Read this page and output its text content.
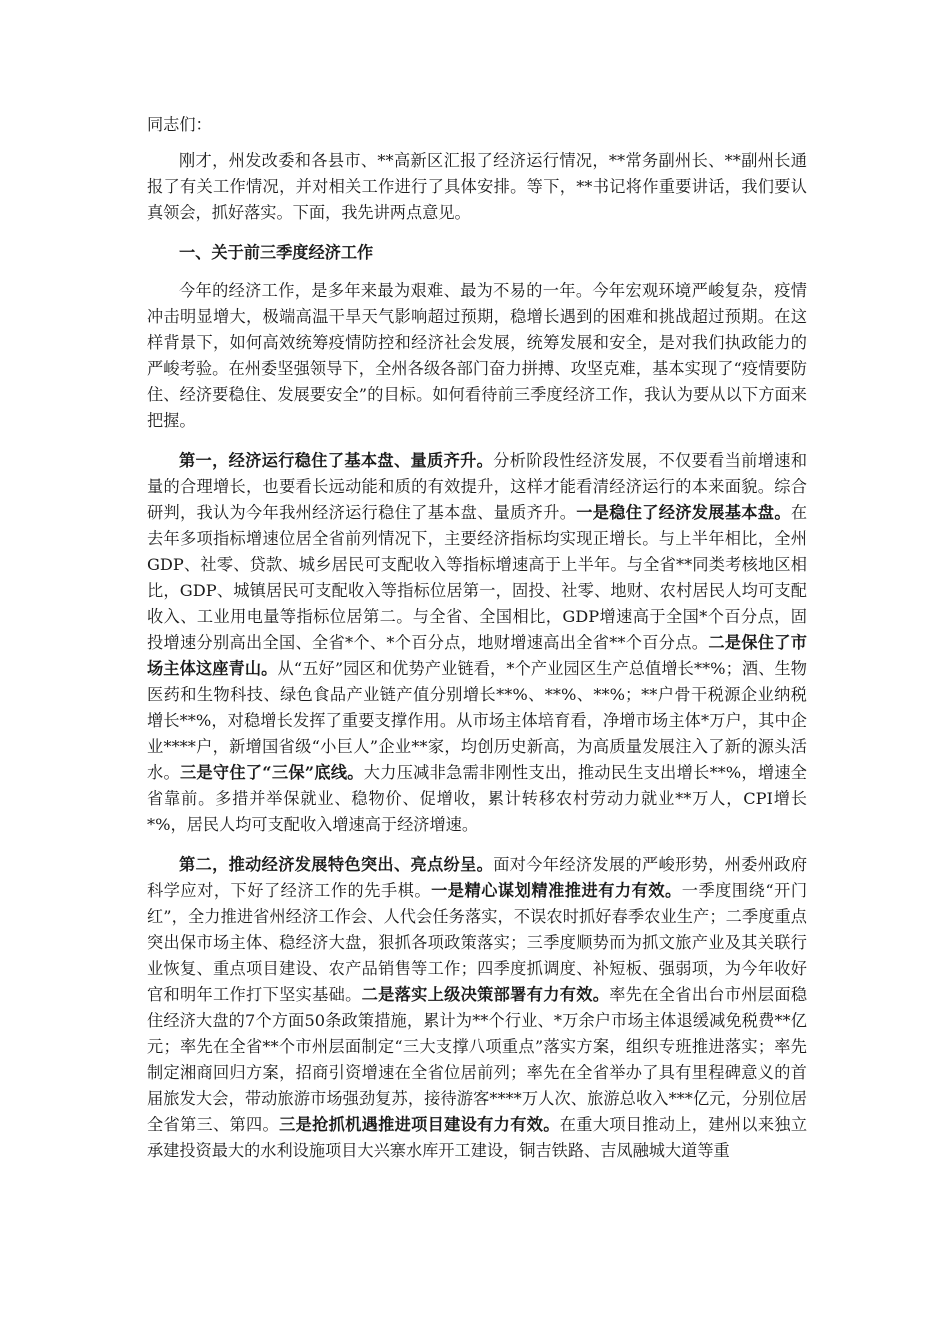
同志们：

刚才，州发改委和各县市、**高新区汇报了经济运行情况，**常务副州长、**副州长通报了有关工作情况，并对相关工作进行了具体安排。等下，**书记将作重要讲话，我们要认真领会，抓好落实。下面，我先讲两点意见。

一、关于前三季度经济工作

今年的经济工作，是多年来最为艰难、最为不易的一年。今年宏观环境严峻复杂，疫情冲击明显增大，极端高温干旱天气影响超过预期，稳增长遇到的困难和挑战超过预期。在这样背景下，如何高效统筹疫情防控和经济社会发展，统筹发展和安全，是对我们执政能力的严峻考验。在州委坚强领导下，全州各级各部门奋力拼搏、攻坚克难，基本实现了“疫情要防住、经济要稳住、发展要安全”的目标。如何看待前三季度经济工作，我认为要从以下方面来把握。

第一，经济运行稳住了基本盘、量质齐升。分析阶段性经济发展，不仅要看当前增速和量的合理增长，也要看长远动能和质的有效提升，这样才能看清经济运行的本来面貌。综合研判，我认为今年我州经济运行稳住了基本盘、量质齐升。一是稳住了经济发展基本盘。在去年多项指标增速位居全省前列情况下，主要经济指标均实现正增长。与上半年相比，全州GDP、社零、贷款、城乡居民可支配收入等指标增速高于上半年。与全省**同类考核地区相比，GDP、城镇居民可支配收入等指标位居第一，固投、社零、地财、农村居民人均可支配收入、工业用电量等指标位居第二。与全省、全国相比，GDP增速高于全国*个百分点，固投增速分别高出全国、全省*个、*个百分点，地财增速高出全省**个百分点。二是保住了市场主体这座青山。从“五好”园区和优势产业链看，*个产业园区生产总值增长**%；酒、生物医药和生物科技、绿色食品产业链产值分别增长**%、**%、**%；**户骨干税源企业纳税增长**%，对稳增长发挥了重要支撑作用。从市场主体培育看，净增市场主体*万户，其中企业****户，新增国省级“小巨人”企业**家，均创历史新高，为高质量发展注入了新的源头活水。三是守住了“三保”底线。大力压减非急需非刚性支出，推动民生支出增长**%，增速全省靠前。多措并举保就业、稳物价、促增收，累计转移农村劳动力就业**万人，CPI增长*%，居民人均可支配收入增速高于经济增速。

第二，推动经济发展特色突出、亮点纷呈。面对今年经济发展的严峻形势，州委州政府科学应对，下好了经济工作的先手棋。一是精心谋划精准推进有力有效。一季度围绕“开门红”，全力推进省州经济工作会、人代会任务落实，不误农时抓好春季农业生产；二季度重点突出保市场主体、稳经济大盘，狠抓各项政策落实；三季度顺势而为抓文旅产业及其关联行业恢复、重点项目建设、农产品销售等工作；四季度抓调度、补短板、强弱项，为今年收好官和明年工作打下坚实基础。二是落实上级决策部署有力有效。率先在全省出台市州层面稳住经济大盘的7个方面50条政策措施，累计为**个行业、*万余户市场主体退缓减免税费**亿元；率先在全省**个市州层面制定“三大支撑八项重点”落实方案，组织专班推进落实；率先制定湘商回归方案，招商引资增速在全省位居前列；率先在全省举办了具有里程碑意义的首届旅发大会，带动旅游市场强劲复苏，接待游客****万人次、旅游总收入***亿元，分别位居全省第三、第四。三是抢抓机遇推进项目建设有力有效。在重大项目推动上，建州以来独立承建投资最大的水利设施项目大兴寨水库开工建设，铜吉铁路、吉凤融城大道等重
